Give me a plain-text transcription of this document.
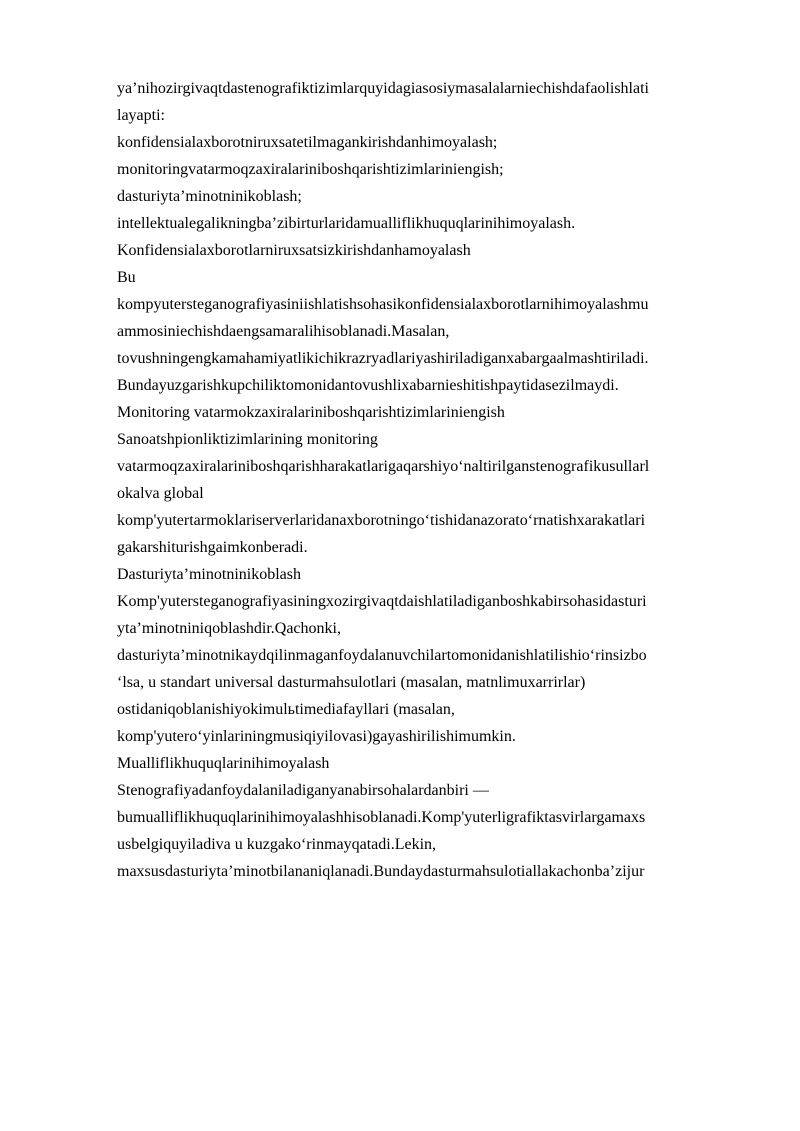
ya’nihozirgivaqtdastenografiktizimlarquyidagiasosiymasalalarniechishdafaolishlati
layapti:
konfidensialaxborotniruxsatetilmagankirishdanhimoyalash;
monitoringvatarmoqzaxiralariniboshqarishtizimlariniengish;
dasturiyta’minotninikoblash;
intellektualegalikningba’zibirturlaridamualliflikhuquqlarinihimoyalash.
Konfidensialaxborotlarniruxsatsizkirishdanhamoyalash
Bu
kompyutersteganografiyasiniishlatishsohasikonfidensialaxborotlarnihimoyalashmu
ammosiniechishdaengsamaralihisoblanadi.Masalan,
tovushningengkamahamiyatlikichikrazryadlariyashiriladiganxabargaalmashtiriladi.
Bundayuzgarishkupchiliktomonidantovushlixabarnieshitishpaytidasezilmaydi.
Monitoring vatarmokzaxiralariniboshqarishtizimlariniengish
Sanoatshpionliktizimlarining monitoring
vatarmoqzaxiralariniboshqarishharakatlarigaqarshiyo‘naltirilganstenografikusullarl
okalva global
komp'yutertarmoklariserverlaridanaxborotningo‘tishidanazorato‘rnatishxarakatlari
gakarshiturishgaimkonberadi.
Dasturiyta’minotninikoblash
Komp'yutersteganografiyasiningxozirgivaqtdaishlatiladiganboshkabirsohasidasturi
yta’minotniniqoblashdir.Qachonki,
dasturiyta’minotnikaydqilinmaganfoydalanuvchilartomonidanishlatilishio‘rinsizbo
‘lsa, u standart universal dasturmahsulotlari (masalan, matnlimuxarrirlar)
ostidaniqoblanishiyokimulьtimediafayllari (masalan,
komp'yutero‘yinlariningmusiqiyilovasi)gayashirilishimumkin.
Mualliflikhuquqlarinihimoyalash
Stenografiyadanfoydalaniladiganyanabirsohalardanbiri —
bumualliflikhuquqlarinihimoyalashhisoblanadi.Komp'yuterligrafiktasvirlargamaxs
usbelgiquyiladiva u kuzgako‘rinmayqatadi.Lekin,
maxsusdasturiyta’minotbilananiqlanadi.Bundaydasturmahsulotiallakachonba’zijur
